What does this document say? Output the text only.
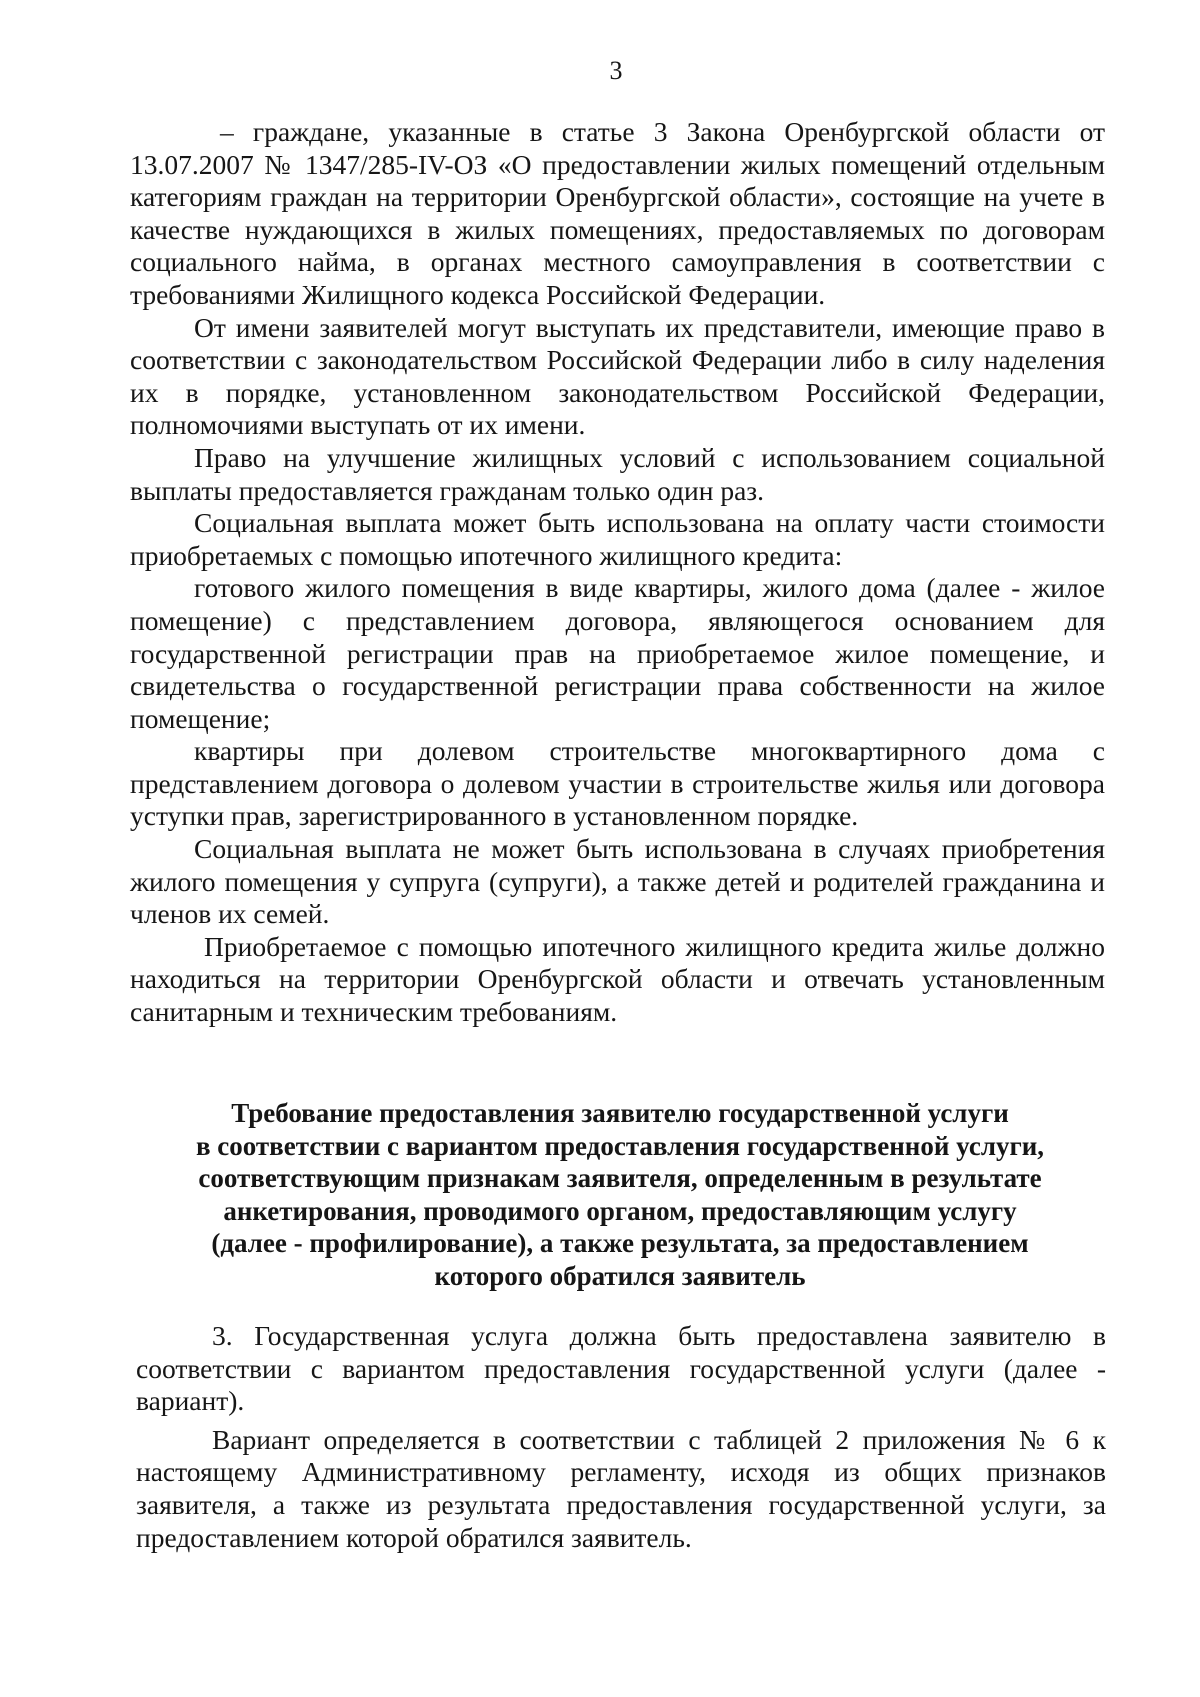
3

– граждане, указанные в статье 3 Закона Оренбургской области от 13.07.2007 № 1347/285-IV-ОЗ «О предоставлении жилых помещений отдельным категориям граждан на территории Оренбургской области», состоящие на учете в качестве нуждающихся в жилых помещениях, предоставляемых по договорам социального найма, в органах местного самоуправления в соответствии с требованиями Жилищного кодекса Российской Федерации.

От имени заявителей могут выступать их представители, имеющие право в соответствии с законодательством Российской Федерации либо в силу наделения их в порядке, установленном законодательством Российской Федерации, полномочиями выступать от их имени.

Право на улучшение жилищных условий с использованием социальной выплаты предоставляется гражданам только один раз.

Социальная выплата может быть использована на оплату части стоимости приобретаемых с помощью ипотечного жилищного кредита:

готового жилого помещения в виде квартиры, жилого дома (далее - жилое помещение) с представлением договора, являющегося основанием для государственной регистрации прав на приобретаемое жилое помещение, и свидетельства о государственной регистрации права собственности на жилое помещение;

квартиры при долевом строительстве многоквартирного дома с представлением договора о долевом участии в строительстве жилья или договора уступки прав, зарегистрированного в установленном порядке.

Социальная выплата не может быть использована в случаях приобретения жилого помещения у супруга (супруги), а также детей и родителей гражданина и членов их семей.

Приобретаемое с помощью ипотечного жилищного кредита жилье должно находиться на территории Оренбургской области и отвечать установленным санитарным и техническим требованиям.

Требование предоставления заявителю государственной услуги
в соответствии с вариантом предоставления государственной услуги,
соответствующим признакам заявителя, определенным в результате
анкетирования, проводимого органом, предоставляющим услугу
(далее - профилирование), а также результата, за предоставлением
которого обратился заявитель

3. Государственная услуга должна быть предоставлена заявителю в соответствии с вариантом предоставления государственной услуги (далее - вариант).

Вариант определяется в соответствии с таблицей 2 приложения № 6 к настоящему Административному регламенту, исходя из общих признаков заявителя, а также из результата предоставления государственной услуги, за предоставлением которой обратился заявитель.
